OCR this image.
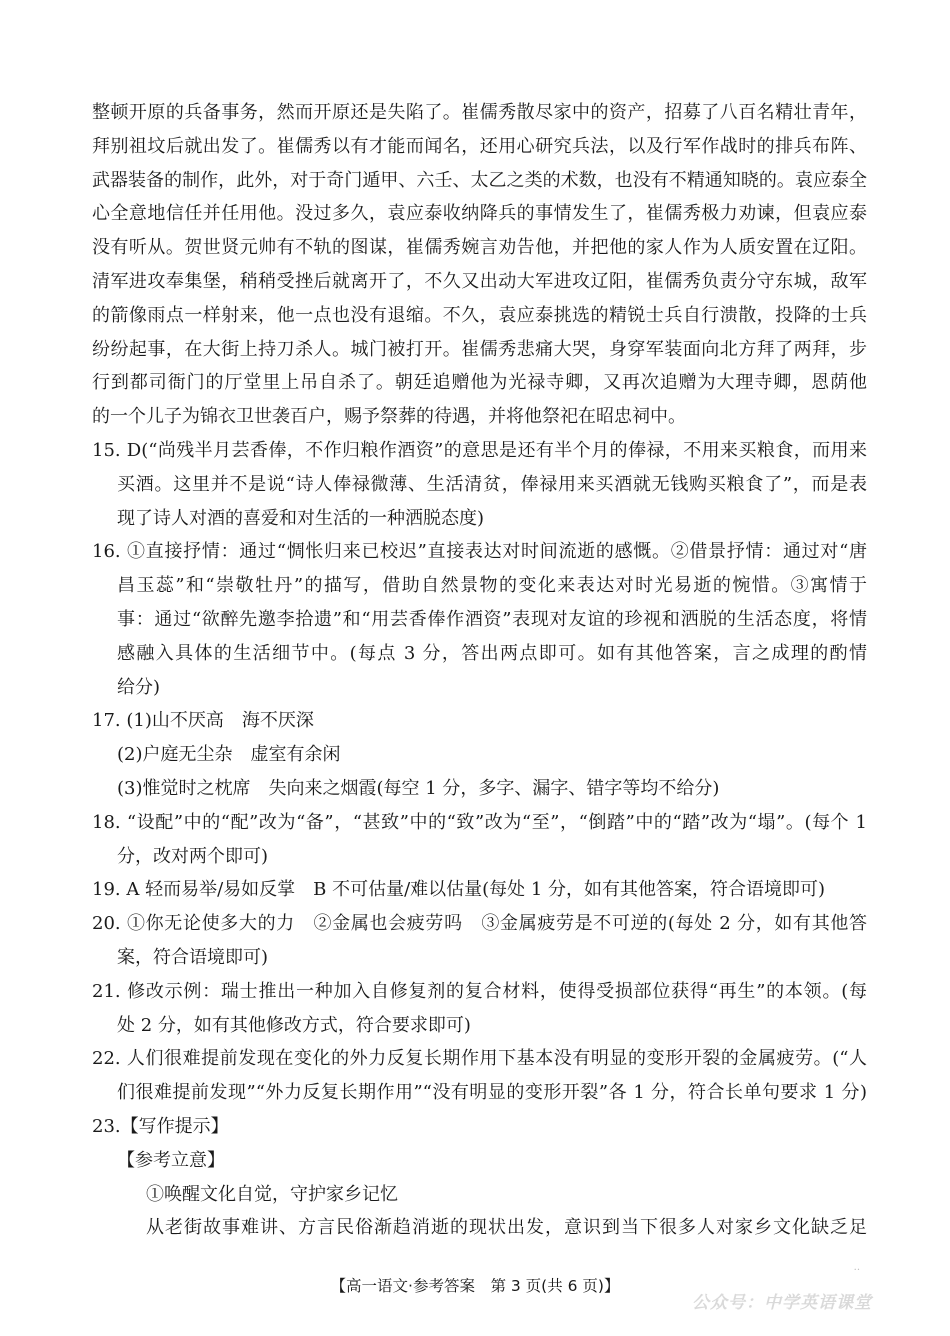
整顿开原的兵备事务，然而开原还是失陷了。崔儒秀散尽家中的资产，招募了八百名精壮青年，
拜别祖坟后就出发了。崔儒秀以有才能而闻名，还用心研究兵法，以及行军作战时的排兵布阵、
武器装备的制作，此外，对于奇门遁甲、六壬、太乙之类的术数，也没有不精通知晓的。袁应泰全
心全意地信任并任用他。没过多久，袁应泰收纳降兵的事情发生了，崔儒秀极力劝谏，但袁应泰
没有听从。贺世贤元帅有不轨的图谋，崔儒秀婉言劝告他，并把他的家人作为人质安置在辽阳。
清军进攻奉集堡，稍稍受挫后就离开了，不久又出动大军进攻辽阳，崔儒秀负责分守东城，敌军
的箭像雨点一样射来，他一点也没有退缩。不久，袁应泰挑选的精锐士兵自行溃散，投降的士兵
纷纷起事，在大街上持刀杀人。城门被打开。崔儒秀悲痛大哭，身穿军装面向北方拜了两拜，步
行到都司衙门的厅堂里上吊自杀了。朝廷追赠他为光禄寺卿，又再次追赠为大理寺卿，恩荫他
的一个儿子为锦衣卫世袭百户，赐予祭葬的待遇，并将他祭祀在昭忠祠中。
15. D(“尚残半月芸香俸，不作归粮作酒资”的意思是还有半个月的俸禄，不用来买粮食，而用来
买酒。这里并不是说“诗人俸禄微薄、生活清贫，俸禄用来买酒就无钱购买粮食了”，而是表
现了诗人对酒的喜爱和对生活的一种洒脱态度)
16. ①直接抒情：通过“惆怅归来已校迟”直接表达对时间流逝的感慨。②借景抒情：通过对“唐
昌玉蕊”和“崇敬牡丹”的描写，借助自然景物的变化来表达对时光易逝的惋惜。③寓情于
事：通过“欲醉先邀李拾遗”和“用芸香俸作酒资”表现对友谊的珍视和洒脱的生活态度，将情
感融入具体的生活细节中。(每点 3 分，答出两点即可。如有其他答案，言之成理的酌情
给分)
17. (1)山不厌高　海不厌深
(2)户庭无尘杂　虚室有余闲
(3)惟觉时之枕席　失向来之烟霞(每空 1 分，多字、漏字、错字等均不给分)
18. “设配”中的“配”改为“备”，“甚致”中的“致”改为“至”，“倒踏”中的“踏”改为“塌”。(每个 1
分，改对两个即可)
19. A 轻而易举/易如反掌　B 不可估量/难以估量(每处 1 分，如有其他答案，符合语境即可)
20. ①你无论使多大的力　②金属也会疲劳吗　③金属疲劳是不可逆的(每处 2 分，如有其他答
案，符合语境即可)
21. 修改示例：瑞士推出一种加入自修复剂的复合材料，使得受损部位获得“再生”的本领。(每
处 2 分，如有其他修改方式，符合要求即可)
22. 人们很难提前发现在变化的外力反复长期作用下基本没有明显的变形开裂的金属疲劳。(“人
们很难提前发现”“外力反复长期作用”“没有明显的变形开裂”各 1 分，符合长单句要求 1 分)
23.【写作提示】
【参考立意】
①唤醒文化自觉，守护家乡记忆
从老街故事难讲、方言民俗渐趋消逝的现状出发，意识到当下很多人对家乡文化缺乏足
..
【高一语文·参考答案　第 3 页(共 6 页)】
公众号：中学英语课堂
